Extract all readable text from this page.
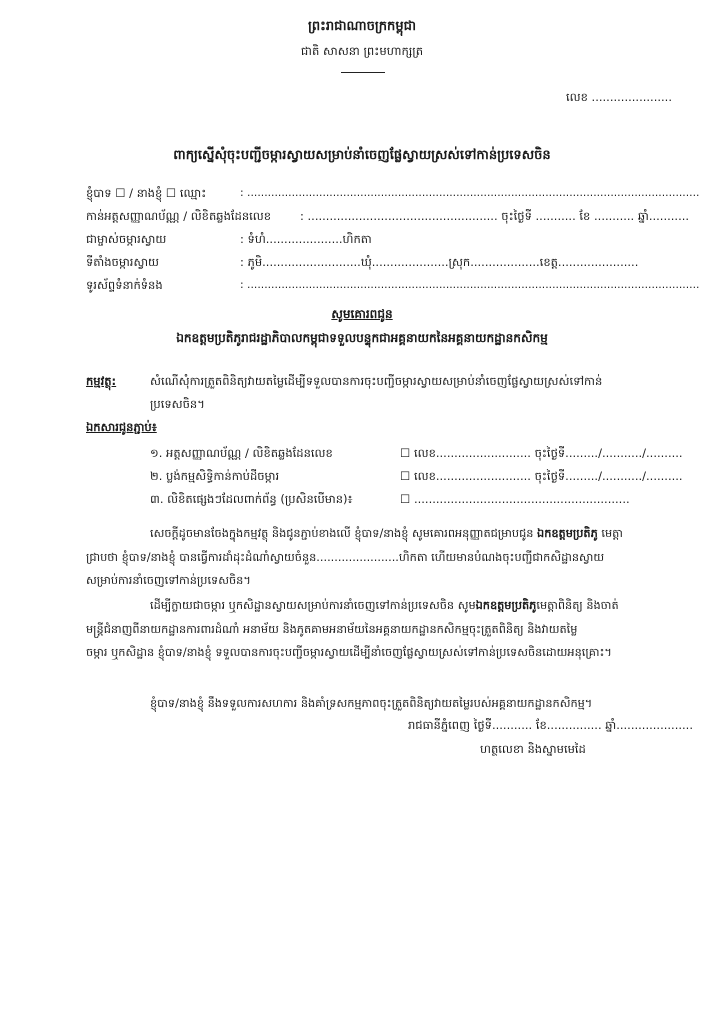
ព្រះរាជាណាចក្រកម្ពុជា
ជាតិ សាសនា ព្រះមហាក្សត្រ
លេខ ......................
ពាក្យស្នើសុំចុះបញ្ជីចម្ការស្វាយសម្រាប់នាំចេញផ្លែស្វាយស្រស់ទៅកាន់ប្រទេសចិន
ខ្ញុំបាទ ☐ / នាងខ្ញុំ ☐ ឈ្មោះ	: ....................................................................................................................................
កាន់អត្តសញ្ញាណប័ណ្ណ / លិខិតឆ្លងដែនលេខ	: .................................................... ចុះថ្ងៃទី ........... ខែ ........... ឆ្នាំ...........
ជាម្ចាស់ចម្ការស្វាយ	: ទំហំ.....................ហិកតា
ទីតាំងចម្ការស្វាយ	: ភូមិ...........................ឃុំ.....................ស្រុក...................ខេត្ត......................
ទូរស័ព្ទទំនាក់ទំនង	: ....................................................................................................................................
សូមគោរពជូន
ឯកឧត្តមប្រតិភូរាជរដ្ឋាភិបាលកម្ពុជាទទួលបន្ទុកជាអគ្គនាយកនៃអគ្គនាយកដ្ឋានកសិកម្ម
កម្មវត្ថុ:	សំណើសុំការត្រួតពិនិត្យវាយតម្លៃដើម្បីទទួលបានការចុះបញ្ជីចម្ការស្វាយសម្រាប់នាំចេញផ្លែស្វាយស្រស់ទៅកាន់
ប្រទេសចិន។
ឯកសារជូនភ្ជាប់៖
១. អត្តសញ្ញាណប័ណ្ណ / លិខិតឆ្លងដែនលេខ	☐ លេខ.......................... ចុះថ្ងៃទី........./.........../..........
២. ប្លង់កម្មសិទ្ធិកាន់កាប់ដីចម្ការ	☐ លេខ.......................... ចុះថ្ងៃទី........./.........../..........
៣. លិខិតផ្សេងៗដែលពាក់ព័ន្ធ (ប្រសិនបើមាន)៖	☐ ...........................................................
សេចក្តីដូចមានចែងក្នុងកម្មវត្ថុ និងជូនភ្ជាប់ខាងលើ ខ្ញុំបាទ/នាងខ្ញុំ សូមគោរពអនុញ្ញាតជម្រាបជូន ឯកឧត្តមប្រតិភូ មេត្តា
ជ្រាបថា ខ្ញុំបាទ/នាងខ្ញុំ បានធ្វើការដាំដុះដំណាំស្វាយចំនួន.......................ហិកតា ហើយមានបំណងចុះបញ្ជីជាកសិដ្ឋានស្វាយ
សម្រាប់ការនាំចេញទៅកាន់ប្រទេសចិន។
ដើម្បីក្លាយជាចម្ការ ឬកសិដ្ឋានស្វាយសម្រាប់ការនាំចេញទៅកាន់ប្រទេសចិន សូមឯកឧត្តមប្រតិភូមេត្តាពិនិត្យ និងចាត់
មន្ត្រីជំនាញពីនាយកដ្ឋានការពារដំណាំ អនាម័យ និងភូតគាមអនាម័យនៃអគ្គនាយកដ្ឋានកសិកម្មចុះត្រួតពិនិត្យ និងវាយតម្លៃ
ចម្ការ ឬកសិដ្ឋាន ខ្ញុំបាទ/នាងខ្ញុំ ទទួលបានការចុះបញ្ជីចម្ការស្វាយដើម្បីនាំចេញផ្លែស្វាយស្រស់ទៅកាន់ប្រទេសចិនដោយអនុគ្រោះ។
ខ្ញុំបាទ/នាងខ្ញុំ នឹងទទួលការសហការ និងគាំទ្រសកម្មភាពចុះត្រួតពិនិត្យវាយតម្លៃរបស់អគ្គនាយកដ្ឋានកសិកម្ម។
រាជធានីភ្នំពេញ ថ្ងៃទី........... ខែ............... ឆ្នាំ.....................
ហត្ថលេខា និងស្នាមមេដៃ
